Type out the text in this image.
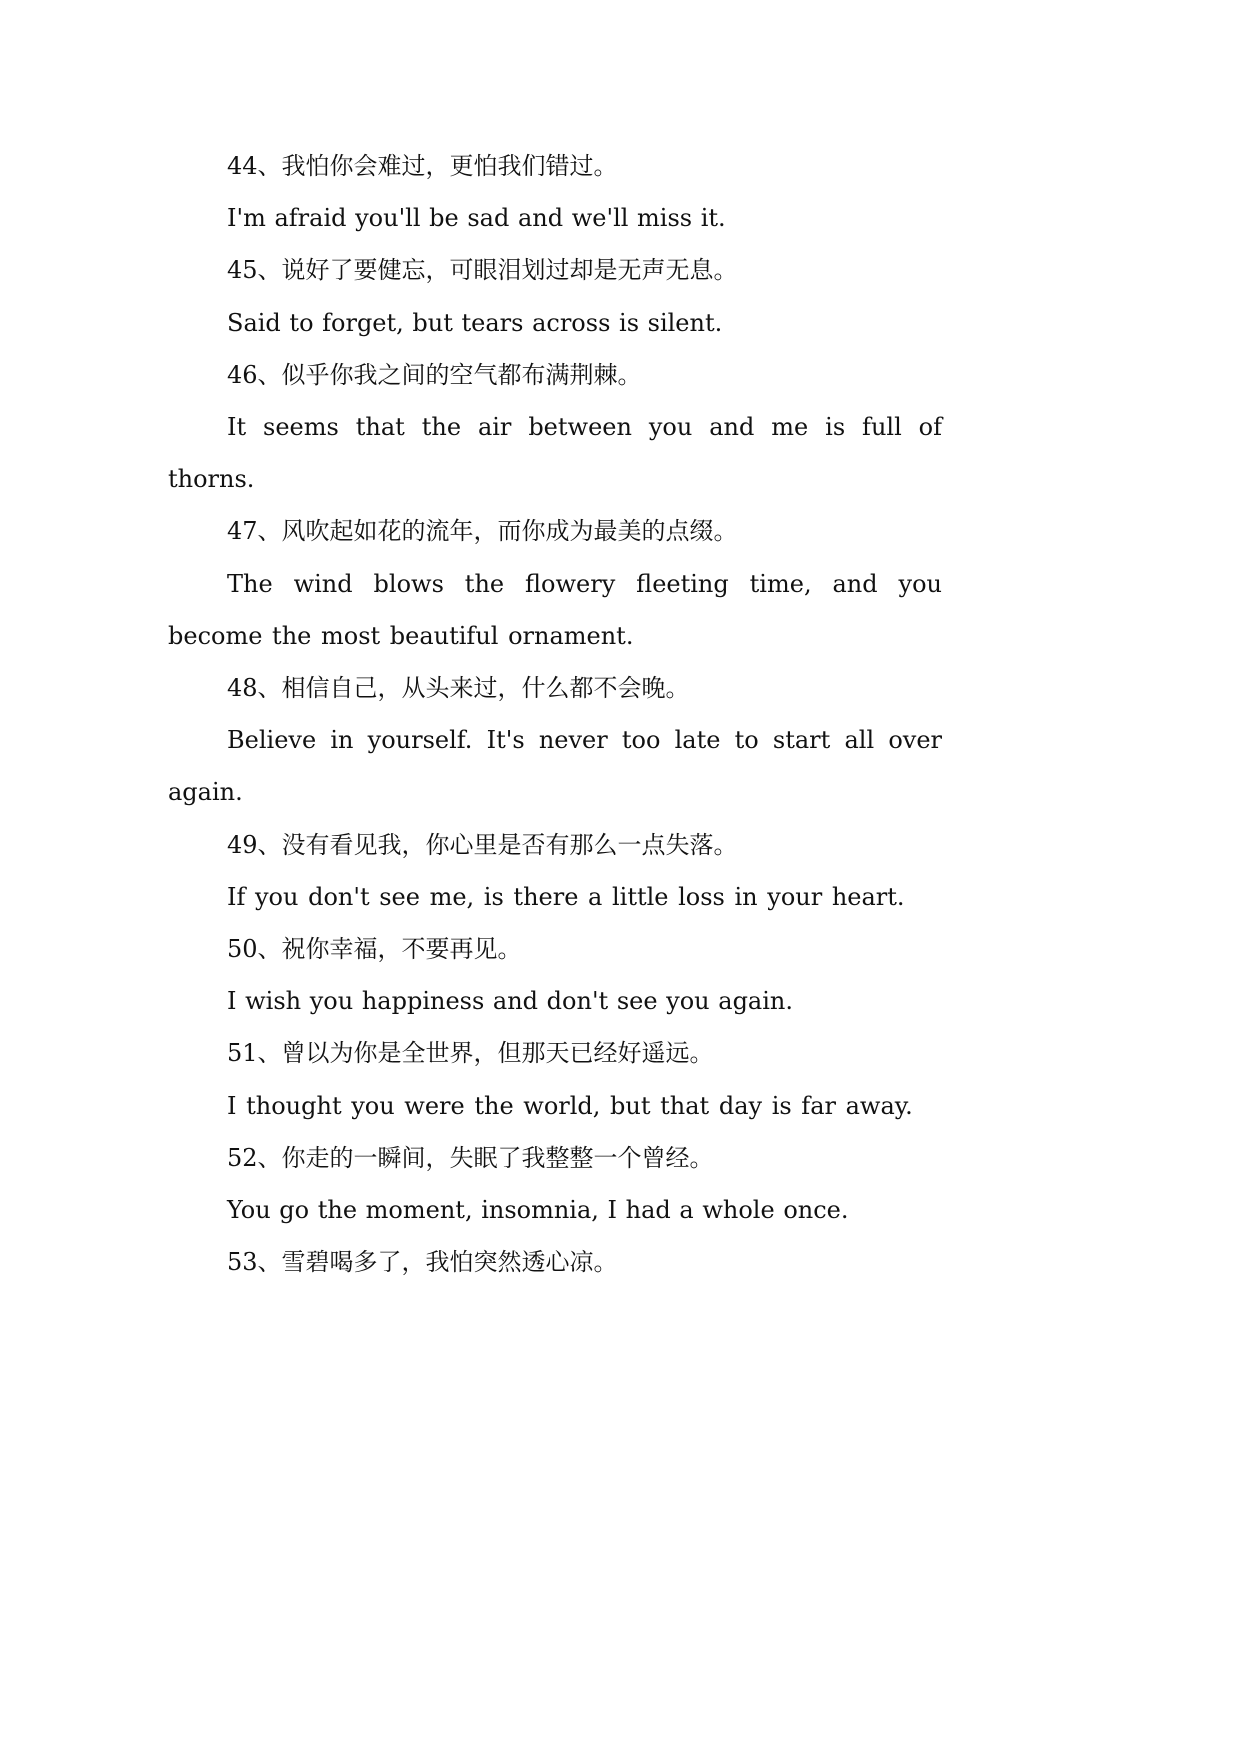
44、我怕你会难过，更怕我们错过。

I'm afraid you'll be sad and we'll miss it.

45、说好了要健忘，可眼泪划过却是无声无息。

Said to forget, but tears across is silent.

46、似乎你我之间的空气都布满荆棘。

It seems that the air between you and me is full of thorns.

47、风吹起如花的流年，而你成为最美的点缀。

The wind blows the flowery fleeting time, and you become the most beautiful ornament.

48、相信自己，从头来过，什么都不会晚。

Believe in yourself. It's never too late to start all over again.

49、没有看见我，你心里是否有那么一点失落。

If you don't see me, is there a little loss in your heart.

50、祝你幸福，不要再见。

I wish you happiness and don't see you again.

51、曾以为你是全世界，但那天已经好遥远。

I thought you were the world, but that day is far away.

52、你走的一瞬间，失眠了我整整一个曾经。

You go the moment, insomnia, I had a whole once.

53、雪碧喝多了，我怕突然透心凉。
